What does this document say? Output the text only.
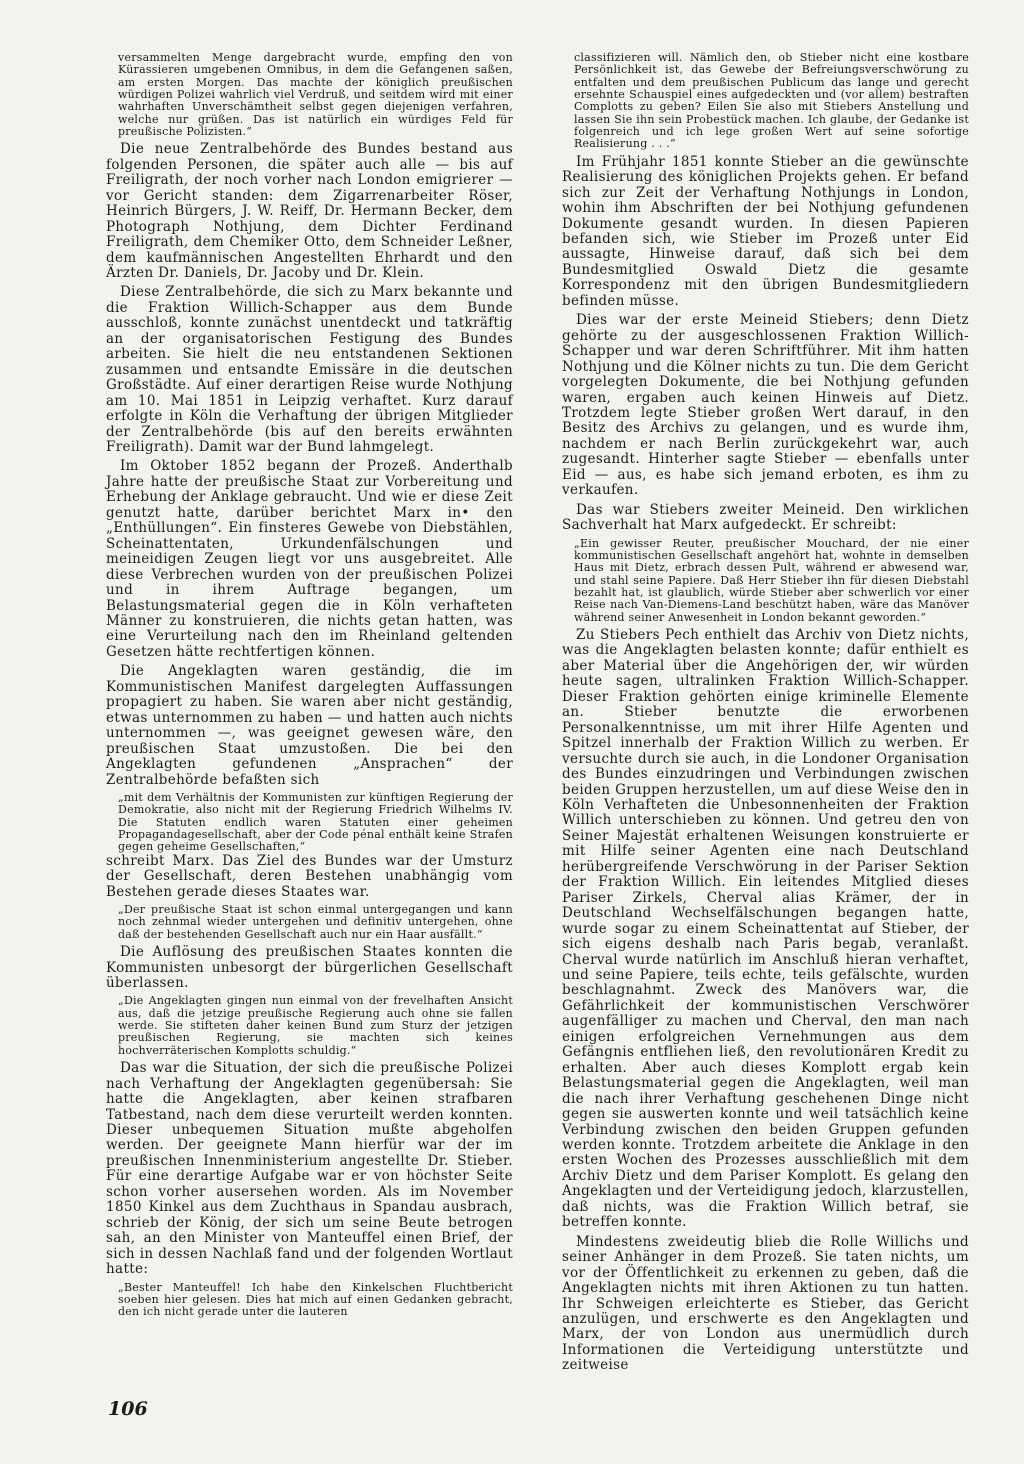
versammelten Menge dargebracht wurde, empfing den von Kürassieren umgebenen Omnibus, in dem die Gefangenen saßen, am ersten Morgen. Das machte der königlich preußischen würdigen Polizei wahrlich viel Verdruß, und seitdem wird mit einer wahrhaften Unverschämtheit selbst gegen diejenigen verfahren, welche nur grüßen. Das ist natürlich ein würdiges Feld für preußische Polizisten.“

Die neue Zentralbehörde des Bundes bestand aus folgenden Personen, die später auch alle — bis auf Freiligrath, der noch vorher nach London emigrierer — vor Gericht standen: dem Zigarrenarbeiter Röser, Heinrich Bürgers, J. W. Reiff, Dr. Hermann Becker, dem Photograph Nothjung, dem Dichter Ferdinand Freiligrath, dem Chemiker Otto, dem Schneider Leßner, dem kaufmännischen Angestellten Ehrhardt und den Ärzten Dr. Daniels, Dr. Jacoby und Dr. Klein.

Diese Zentralbehörde, die sich zu Marx bekannte und die Fraktion Willich-Schapper aus dem Bunde ausschloß, konnte zunächst unentdeckt und tatkräftig an der organisatorischen Festigung des Bundes arbeiten. Sie hielt die neu entstandenen Sektionen zusammen und entsandte Emissäre in die deutschen Großstädte. Auf einer derartigen Reise wurde Nothjung am 10. Mai 1851 in Leipzig verhaftet. Kurz darauf erfolgte in Köln die Verhaftung der übrigen Mitglieder der Zentralbehörde (bis auf den bereits erwähnten Freiligrath). Damit war der Bund lahmgelegt.

Im Oktober 1852 begann der Prozeß. Anderthalb Jahre hatte der preußische Staat zur Vorbereitung und Erhebung der Anklage gebraucht. Und wie er diese Zeit genutzt hatte, darüber berichtet Marx in• den „Enthüllungen“. Ein finsteres Gewebe von Diebstählen, Scheinattentaten, Urkundenfälschungen und meineidigen Zeugen liegt vor uns ausgebreitet. Alle diese Verbrechen wurden von der preußischen Polizei und in ihrem Auftrage begangen, um Belastungsmaterial gegen die in Köln verhafteten Männer zu konstruieren, die nichts getan hatten, was eine Verurteilung nach den im Rheinland geltenden Gesetzen hätte rechtfertigen können.

Die Angeklagten waren geständig, die im Kommunistischen Manifest dargelegten Auffassungen propagiert zu haben. Sie waren aber nicht geständig, etwas unternommen zu haben — und hatten auch nichts unternommen —, was geeignet gewesen wäre, den preußischen Staat umzustoßen. Die bei den Angeklagten gefundenen „Ansprachen“ der Zentralbehörde befaßten sich

„mit dem Verhältnis der Kommunisten zur künftigen Regierung der Demokratie, also nicht mit der Regierung Friedrich Wilhelms IV. Die Statuten endlich waren Statuten einer geheimen Propagandagesellschaft, aber der Code pénal enthält keine Strafen gegen geheime Gesellschaften,“

schreibt Marx. Das Ziel des Bundes war der Umsturz der Gesellschaft, deren Bestehen unabhängig vom Bestehen gerade dieses Staates war.

„Der preußische Staat ist schon einmal untergegangen und kann noch zehnmal wieder untergehen und definitiv untergehen, ohne daß der bestehenden Gesellschaft auch nur ein Haar ausfällt.“

Die Auflösung des preußischen Staates konnten die Kommunisten unbesorgt der bürgerlichen Gesellschaft überlassen.

„Die Angeklagten gingen nun einmal von der frevelhaften Ansicht aus, daß die jetzige preußische Regierung auch ohne sie fallen werde. Sie stifteten daher keinen Bund zum Sturz der jetzigen preußischen Regierung, sie machten sich keines hochverräterischen Komplotts schuldig.“

Das war die Situation, der sich die preußische Polizei nach Verhaftung der Angeklagten gegenübersah: Sie hatte die Angeklagten, aber keinen strafbaren Tatbestand, nach dem diese verurteilt werden konnten. Dieser unbequemen Situation mußte abgeholfen werden. Der geeignete Mann hierfür war der im preußischen Innenministerium angestellte Dr. Stieber. Für eine derartige Aufgabe war er von höchster Seite schon vorher ausersehen worden. Als im November 1850 Kinkel aus dem Zuchthaus in Spandau ausbrach, schrieb der König, der sich um seine Beute betrogen sah, an den Minister von Manteuffel einen Brief, der sich in dessen Nachlaß fand und der folgenden Wortlaut hatte:

„Bester Manteuffel! Ich habe den Kinkelschen Fluchtbericht soeben hier gelesen. Dies hat mich auf einen Gedanken gebracht, den ich nicht gerade unter die lauteren

classifizieren will. Nämlich den, ob Stieber nicht eine kostbare Persönlichkeit ist, das Gewebe der Befreiungsverschwörung zu entfalten und dem preußischen Publicum das lange und gerecht ersehnte Schauspiel eines aufgedeckten und (vor allem) bestraften Complotts zu geben? Eilen Sie also mit Stiebers Anstellung und lassen Sie ihn sein Probestück machen. Ich glaube, der Gedanke ist folgenreich und ich lege großen Wert auf seine sofortige Realisierung . . .“

Im Frühjahr 1851 konnte Stieber an die gewünschte Realisierung des königlichen Projekts gehen. Er befand sich zur Zeit der Verhaftung Nothjungs in London, wohin ihm Abschriften der bei Nothjung gefundenen Dokumente gesandt wurden. In diesen Papieren befanden sich, wie Stieber im Prozeß unter Eid aussagte, Hinweise darauf, daß sich bei dem Bundesmitglied Oswald Dietz die gesamte Korrespondenz mit den übrigen Bundesmitgliedern befinden müsse.

Dies war der erste Meineid Stiebers; denn Dietz gehörte zu der ausgeschlossenen Fraktion Willich-Schapper und war deren Schriftführer. Mit ihm hatten Nothjung und die Kölner nichts zu tun. Die dem Gericht vorgelegten Dokumente, die bei Nothjung gefunden waren, ergaben auch keinen Hinweis auf Dietz. Trotzdem legte Stieber großen Wert darauf, in den Besitz des Archivs zu gelangen, und es wurde ihm, nachdem er nach Berlin zurückgekehrt war, auch zugesandt. Hinterher sagte Stieber — ebenfalls unter Eid — aus, es habe sich jemand erboten, es ihm zu verkaufen.

Das war Stiebers zweiter Meineid. Den wirklichen Sachverhalt hat Marx aufgedeckt. Er schreibt:

„Ein gewisser Reuter, preußischer Mouchard, der nie einer kommunistischen Gesellschaft angehört hat, wohnte in demselben Haus mit Dietz, erbrach dessen Pult, während er abwesend war, und stahl seine Papiere. Daß Herr Stieber ihn für diesen Diebstahl bezahlt hat, ist glaublich, würde Stieber aber schwerlich vor einer Reise nach Van-Diemens-Land beschützt haben, wäre das Manöver während seiner Anwesenheit in London bekannt geworden.“

Zu Stiebers Pech enthielt das Archiv von Dietz nichts, was die Angeklagten belasten konnte; dafür enthielt es aber Material über die Angehörigen der, wir würden heute sagen, ultralinken Fraktion Willich-Schapper. Dieser Fraktion gehörten einige kriminelle Elemente an. Stieber benutzte die erworbenen Personalkenntnisse, um mit ihrer Hilfe Agenten und Spitzel innerhalb der Fraktion Willich zu werben. Er versuchte durch sie auch, in die Londoner Organisation des Bundes einzudringen und Verbindungen zwischen beiden Gruppen herzustellen, um auf diese Weise den in Köln Verhafteten die Unbesonnenheiten der Fraktion Willich unterschieben zu können. Und getreu den von Seiner Majestät erhaltenen Weisungen konstruierte er mit Hilfe seiner Agenten eine nach Deutschland herübergreifende Verschwörung in der Pariser Sektion der Fraktion Willich. Ein leitendes Mitglied dieses Pariser Zirkels, Cherval alias Krämer, der in Deutschland Wechselfälschungen begangen hatte, wurde sogar zu einem Scheinattentat auf Stieber, der sich eigens deshalb nach Paris begab, veranlaßt. Cherval wurde natürlich im Anschluß hieran verhaftet, und seine Papiere, teils echte, teils gefälschte, wurden beschlagnahmt. Zweck des Manövers war, die Gefährlichkeit der kommunistischen Verschwörer augenfälliger zu machen und Cherval, den man nach einigen erfolgreichen Vernehmungen aus dem Gefängnis entfliehen ließ, den revolutionären Kredit zu erhalten. Aber auch dieses Komplott ergab kein Belastungsmaterial gegen die Angeklagten, weil man die nach ihrer Verhaftung geschehenen Dinge nicht gegen sie auswerten konnte und weil tatsächlich keine Verbindung zwischen den beiden Gruppen gefunden werden konnte. Trotzdem arbeitete die Anklage in den ersten Wochen des Prozesses ausschließlich mit dem Archiv Dietz und dem Pariser Komplott. Es gelang den Angeklagten und der Verteidigung jedoch, klarzustellen, daß nichts, was die Fraktion Willich betraf, sie betreffen konnte.

Mindestens zweideutig blieb die Rolle Willichs und seiner Anhänger in dem Prozeß. Sie taten nichts, um vor der Öffentlichkeit zu erkennen zu geben, daß die Angeklagten nichts mit ihren Aktionen zu tun hatten. Ihr Schweigen erleichterte es Stieber, das Gericht anzulügen, und erschwerte es den Angeklagten und Marx, der von London aus unermüdlich durch Informationen die Verteidigung unterstützte und zeitweise

106
